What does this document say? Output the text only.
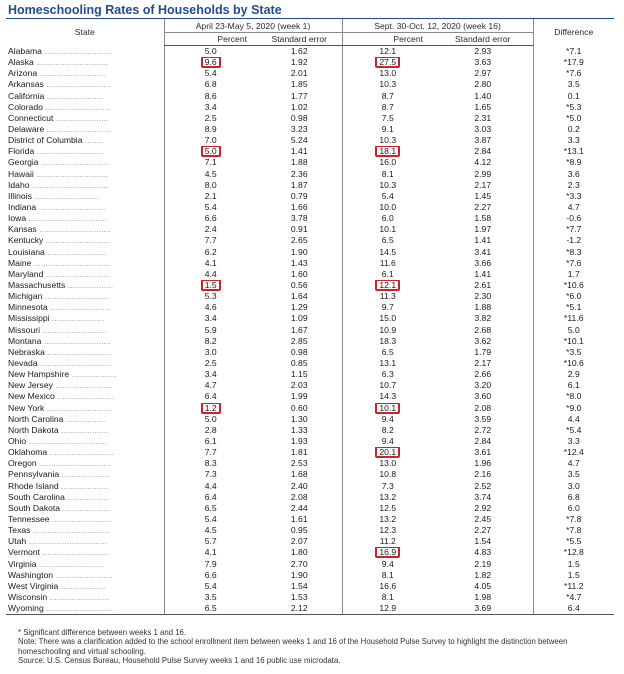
Homeschooling Rates of Households by State
State	April 23-May 5, 2020 (week 1)		Sept. 30-Oct. 12, 2020 (week 16)		Difference
	Percent	Standard error	Percent	Standard error	
Alabama ............................	5.0	1.62	12.1	2.93	*7.1
Alaska ..............................	9.6	1.92	27.5	3.63	*17.9
Arizona ............................	5.4	2.01	13.0	2.97	*7.6
Arkansas ...........................	6.8	1.85	10.3	2.80	3.5
California ........................	8.6	1.77	8.7	1.40	0.1
Colorado ...........................	3.4	1.02	8.7	1.65	*5.3
Connecticut ......................	2.5	0.98	7.5	2.31	*5.0
Delaware ...........................	8.9	3.23	9.1	3.03	0.2
District of Columbia ........	7.0	5.24	10.3	3.87	3.3
Florida ............................	5.0	1.41	18.1	2.84	*13.1
Georgia ............................	7.1	1.88	16.0	4.12	*8.9
Hawaii ..............................	4.5	2.36	8.1	2.99	3.6
Idaho ................................	8.0	1.87	10.3	2.17	2.3
Illinois ...........................	2.1	0.79	5.4	1.45	*3.3
Indiana ............................	5.4	1.66	10.0	2.27	4.7
Iowa .................................	6.6	3.78	6.0	1.58	-0.6
Kansas ..............................	2.4	0.91	10.1	1.97	*7.7
Kentucky ...........................	7.7	2.65	6.5	1.41	-1.2
Louisiana .........................	6.2	1.90	14.5	3.41	*8.3
Maine ................................	4.1	1.43	11.6	3.66	*7.6
Maryland ...........................	4.4	1.60	6.1	1.41	1.7
Massachusetts ...................	1.5	0.56	12.1	2.61	*10.6
Michigan ...........................	5.3	1.64	11.3	2.30	*6.0
Minnesota .........................	4.6	1.29	9.7	1.88	*5.1
Mississippi ......................	3.4	1.09	15.0	3.82	*11.6
Missouri ...........................	5.9	1.67	10.9	2.68	5.0
Montana ............................	8.2	2.85	18.3	3.62	*10.1
Nebraska ...........................	3.0	0.98	6.5	1.79	*3.5
Nevada ..............................	2.5	0.85	13.1	2.17	*10.6
New Hampshire ...................	3.4	1.15	6.3	2.66	2.9
New Jersey ........................	4.7	2.03	10.7	3.20	6.1
New Mexico ........................	6.4	1.99	14.3	3.60	*8.0
New York ...........................	1.2	0.60	10.1	2.08	*9.0
North Carolina .................	5.0	1.30	9.4	3.59	4.4
North Dakota ....................	2.8	1.33	8.2	2.72	*5.4
Ohio .................................	6.1	1.93	9.4	2.84	3.3
Oklahoma ...........................	7.7	1.81	20.1	3.61	*12.4
Oregon ..............................	8.3	2.53	13.0	1.96	4.7
Pennsylvania ....................	7.3	1.68	10.8	2.16	3.5
Rhode Island ....................	4.4	2.40	7.3	2.52	3.0
South Carolina .................	6.4	2.08	13.2	3.74	6.8
South Dakota ....................	6.5	2.44	12.5	2.92	6.0
Tennessee .........................	5.4	1.61	13.2	2.45	*7.8
Texas ................................	4.5	0.95	12.3	2.27	*7.8
Utah .................................	5.7	2.07	11.2	1.54	*5.5
Vermont ............................	4.1	1.80	16.9	4.83	*12.8
Virginia ...........................	7.9	2.70	9.4	2.19	1.5
Washington ........................	6.6	1.90	8.1	1.82	1.5
West Virginia ...................	5.4	1.54	16.6	4.05	*11.2
Wisconsin .........................	3.5	1.53	8.1	1.98	*4.7
Wyoming ............................	6.5	2.12	12.9	3.69	6.4
* Significant difference between weeks 1 and 16.
Note: There was a clarification added to the school enrollment item between weeks 1 and 16 of the Household Pulse Survey to highlight the distinction between homeschooling and virtual schooling.
Source: U.S. Census Bureau, Household Pulse Survey weeks 1 and 16 public use microdata.
